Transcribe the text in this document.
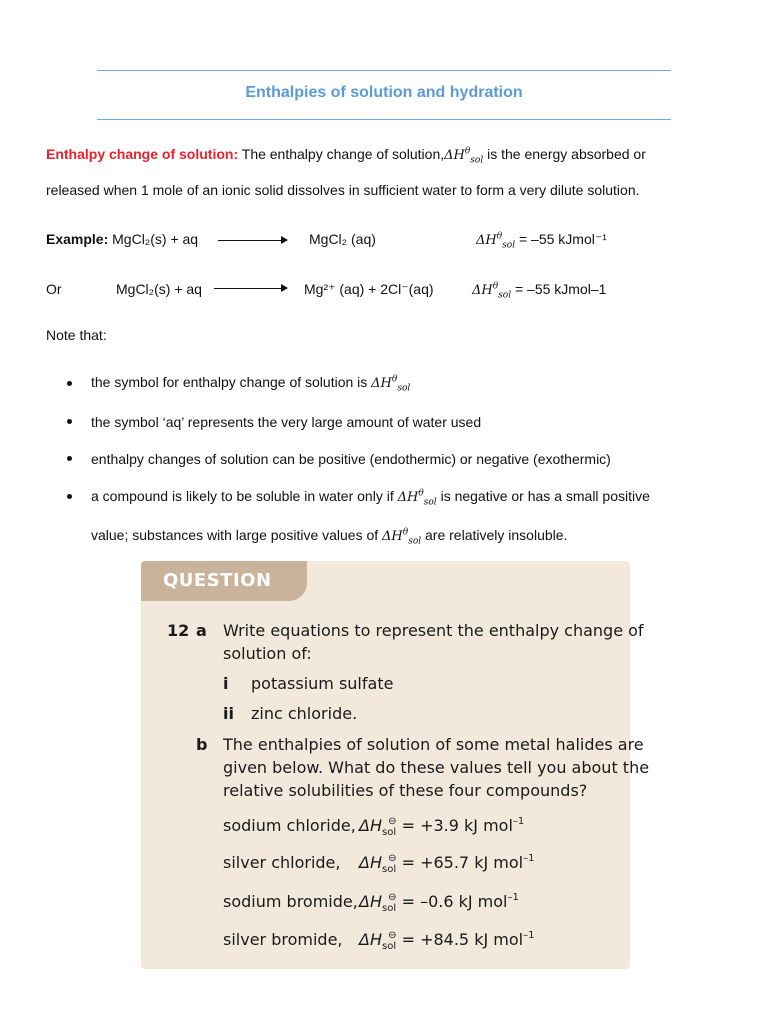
Enthalpies of solution and hydration
Enthalpy change of solution: The enthalpy change of $solution,\Delta H^\theta_{sol}$ is the energy absorbed or
released when 1 mole of an ionic solid dissolves in sufficient water to form a very dilute solution.
Example: MgCl₂(s) + aq	MgCl₂ (aq)	$\Delta H^\theta_{sol} = -55$ kJmol⁻¹
Or	MgCl₂(s) + aq	Mg²⁺ (aq) + 2Cl⁻(aq)	$\Delta H^\theta_{sol} = -55$ kJmol–1
Note that:
the symbol for enthalpy change of solution is $\Delta H^\theta_{sol}$
the symbol ‘aq’ represents the very large amount of water used
enthalpy changes of solution can be positive (endothermic) or negative (exothermic)
a compound is likely to be soluble in water only if $\Delta H^\theta_{sol}$ is negative or has a small positive
value; substances with large positive values of $\Delta H^\theta_{sol}$ are relatively insoluble.
QUESTION
12 a Write equations to represent the enthalpy change of
solution of:
i potassium sulfate
ii zinc chloride.
b The enthalpies of solution of some metal halides are
given below. What do these values tell you about the
relative solubilities of these four compounds?
sodium chloride, $\Delta H_{sol}^⊖ = +3.9$ kJ mol$^{-1}$
silver chloride, $\Delta H_{sol}^⊖ = +65.7$ kJ mol$^{-1}$
sodium bromide, $\Delta H_{sol}^⊖ = -0.6$ kJ mol$^{-1}$
silver bromide, $\Delta H_{sol}^⊖ = +84.5$ kJ mol$^{-1}$
